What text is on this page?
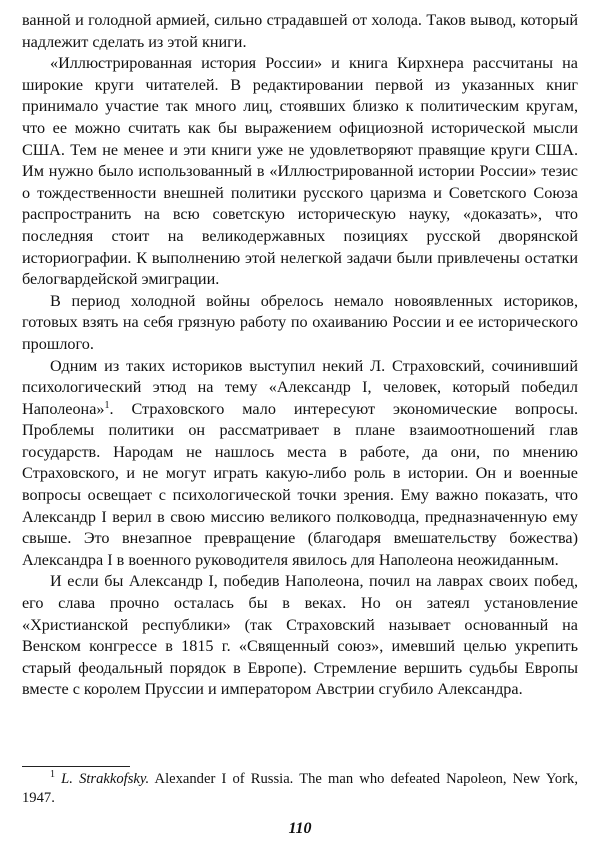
ванной и голодной армией, сильно страдавшей от холода. Таков вывод, который надлежит сделать из этой книги.

«Иллюстрированная история России» и книга Кирхнера рассчитаны на широкие круги читателей. В редактировании первой из указанных книг принимало участие так много лиц, стоявших близко к политическим кругам, что ее можно считать как бы выражением официозной исторической мысли США. Тем не менее и эти книги уже не удовлетворяют правящие круги США. Им нужно было использованный в «Иллюстрированной истории России» тезис о тождественности внешней политики русского царизма и Советского Союза распространить на всю советскую историческую науку, «доказать», что последняя стоит на великодержавных позициях русской дворянской историографии. К выполнению этой нелегкой задачи были привлечены остатки белогвардейской эмиграции.

В период холодной войны обрелось немало новоявленных историков, готовых взять на себя грязную работу по охаиванию России и ее исторического прошлого.

Одним из таких историков выступил некий Л. Страховский, сочинивший психологический этюд на тему «Александр I, человек, который победил Наполеона»$^1$. Страховского мало интересуют экономические вопросы. Проблемы политики он рассматривает в плане взаимоотношений глав государств. Народам не нашлось места в работе, да они, по мнению Страховского, и не могут играть какую-либо роль в истории. Он и военные вопросы освещает с психологической точки зрения. Ему важно показать, что Александр I верил в свою миссию великого полководца, предназначенную ему свыше. Это внезапное превращение (благодаря вмешательству божества) Александра I в военного руководителя явилось для Наполеона неожиданным.

И если бы Александр I, победив Наполеона, почил на лаврах своих побед, его слава прочно осталась бы в веках. Но он затеял установление «Христианской республики» (так Страховский называет основанный на Венском конгрессе в 1815 г. «Священный союз», имевший целью укрепить старый феодальный порядок в Европе). Стремление вершить судьбы Европы вместе с королем Пруссии и императором Австрии сгубило Александра.

$^1$ L. Strakkofsky. Alexander I of Russia. The man who defeated Napoleon, New York, 1947.

110
